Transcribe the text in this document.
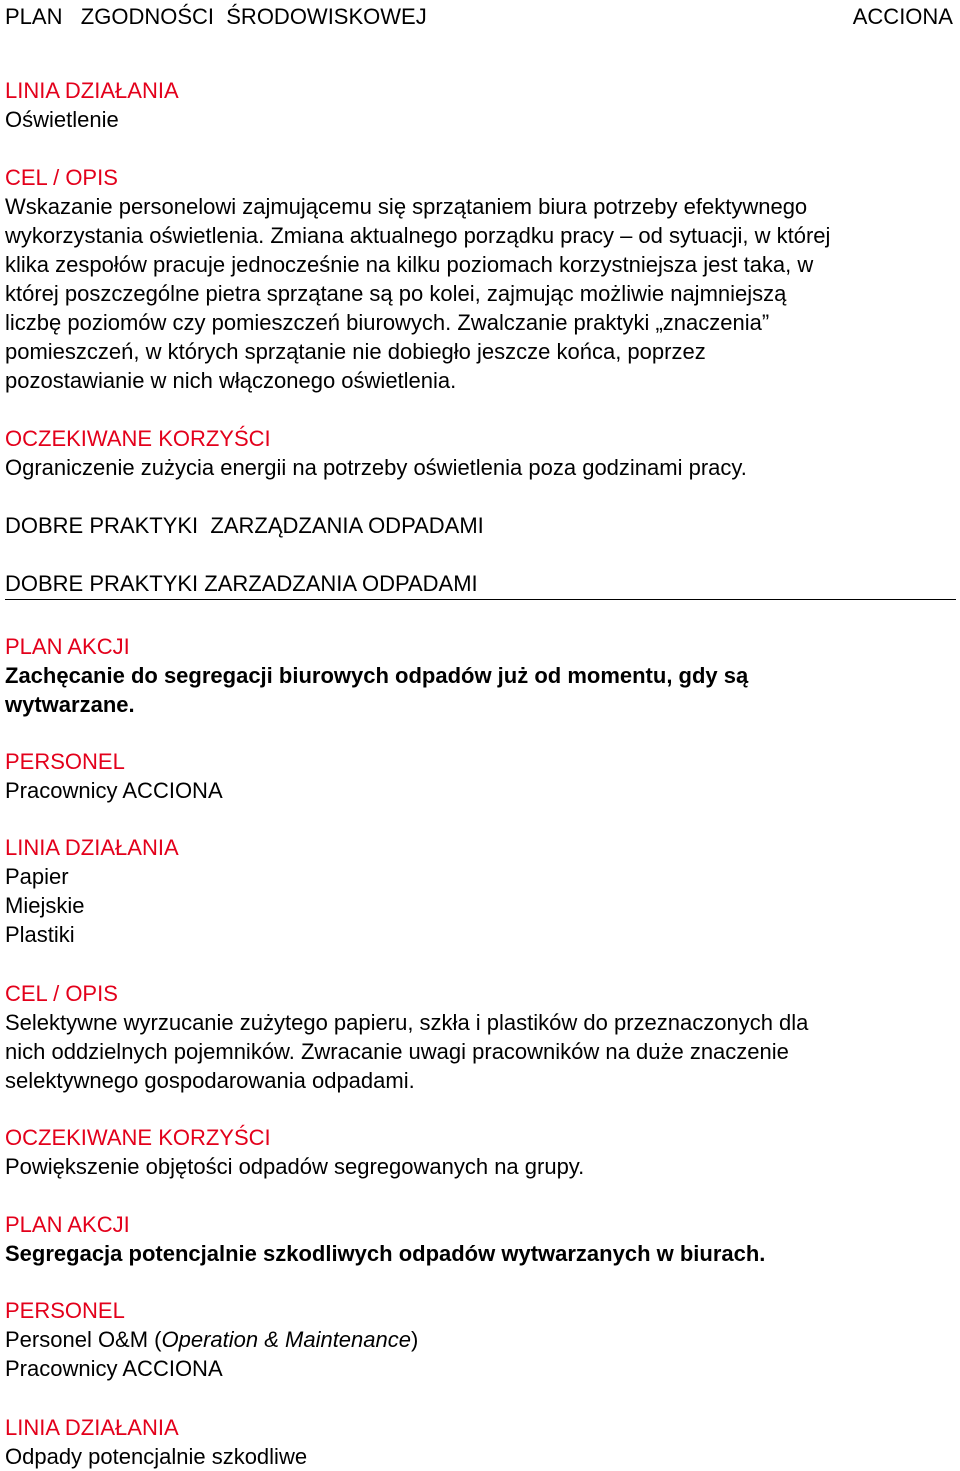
PLAN   ZGODNOŚCI  ŚRODOWISKOWEJ	ACCIONA
LINIA DZIAŁANIA
Oświetlenie
CEL / OPIS
Wskazanie personelowi zajmującemu się sprzątaniem biura potrzeby efektywnego
wykorzystania oświetlenia. Zmiana aktualnego porządku pracy – od sytuacji, w której
klika zespołów pracuje jednocześnie na kilku poziomach korzystniejsza jest taka, w
której poszczególne pietra sprzątane są po kolei, zajmując możliwie najmniejszą
liczbę poziomów czy pomieszczeń biurowych. Zwalczanie praktyki „znaczenia”
pomieszczeń, w których sprzątanie nie dobiegło jeszcze końca, poprzez
pozostawianie w nich włączonego oświetlenia.
OCZEKIWANE KORZYŚCI
Ograniczenie zużycia energii na potrzeby oświetlenia poza godzinami pracy.
DOBRE PRAKTYKI  ZARZĄDZANIA ODPADAMI
DOBRE PRAKTYKI ZARZADZANIA ODPADAMI
PLAN AKCJI
Zachęcanie do segregacji biurowych odpadów już od momentu, gdy są
wytwarzane.
PERSONEL
Pracownicy ACCIONA
LINIA DZIAŁANIA
Papier
Miejskie
Plastiki
CEL / OPIS
Selektywne wyrzucanie zużytego papieru, szkła i plastików do przeznaczonych dla
nich oddzielnych pojemników. Zwracanie uwagi pracowników na duże znaczenie
selektywnego gospodarowania odpadami.
OCZEKIWANE KORZYŚCI
Powiększenie objętości odpadów segregowanych na grupy.
PLAN AKCJI
Segregacja potencjalnie szkodliwych odpadów wytwarzanych w biurach.
PERSONEL
Personel O&M (Operation & Maintenance)
Pracownicy ACCIONA
LINIA DZIAŁANIA
Odpady potencjalnie szkodliwe
